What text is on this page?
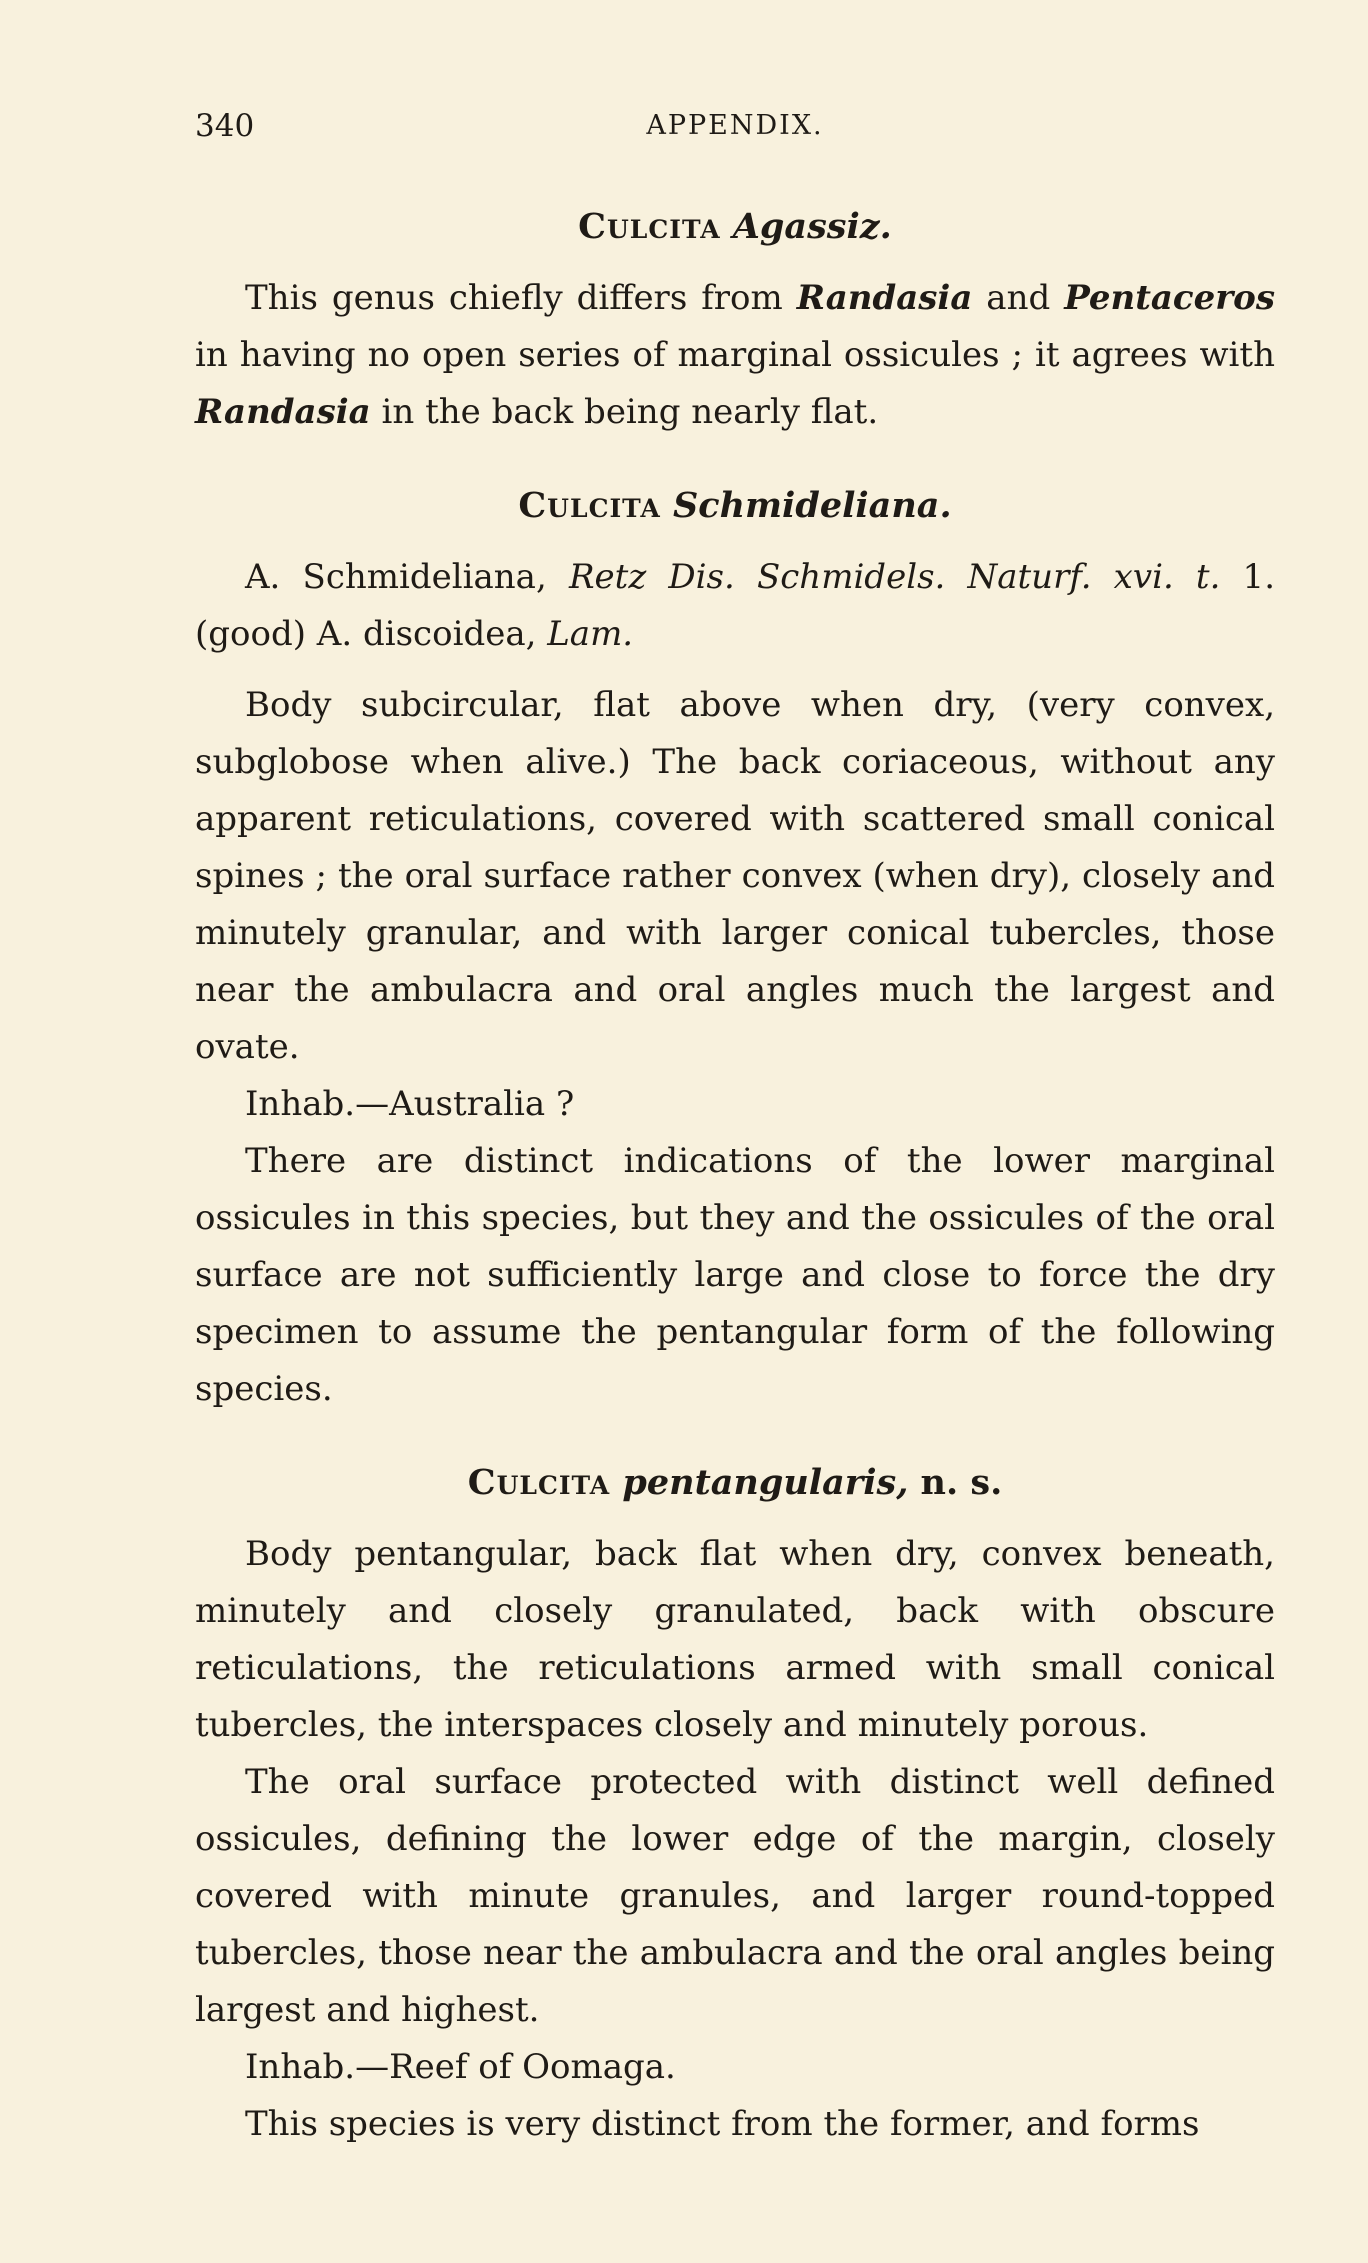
APPENDIX.
340
Culcita Agassiz.

This genus chiefly differs from Randasia and Pentaceros in having no open series of marginal ossicules ; it agrees with Randasia in the back being nearly flat.

Culcita Schmideliana.

A. Schmideliana, Retz Dis. Schmidels. Naturf. xvi. t. 1. (good) A. discoidea, Lam.

Body subcircular, flat above when dry, (very convex, subglobose when alive.) The back coriaceous, without any apparent reticulations, covered with scattered small conical spines ; the oral surface rather convex (when dry), closely and minutely granular, and with larger conical tubercles, those near the ambulacra and oral angles much the largest and ovate.

Inhab.—Australia ?

There are distinct indications of the lower marginal ossicules in this species, but they and the ossicules of the oral surface are not sufficiently large and close to force the dry specimen to assume the pentangular form of the following species.

Culcita pentangularis, n. s.

Body pentangular, back flat when dry, convex beneath, minutely and closely granulated, back with obscure reticulations, the reticulations armed with small conical tubercles, the interspaces closely and minutely porous.

The oral surface protected with distinct well defined ossicules, defining the lower edge of the margin, closely covered with minute granules, and larger round-topped tubercles, those near the ambulacra and the oral angles being largest and highest.

Inhab.—Reef of Oomaga.

This species is very distinct from the former, and forms
